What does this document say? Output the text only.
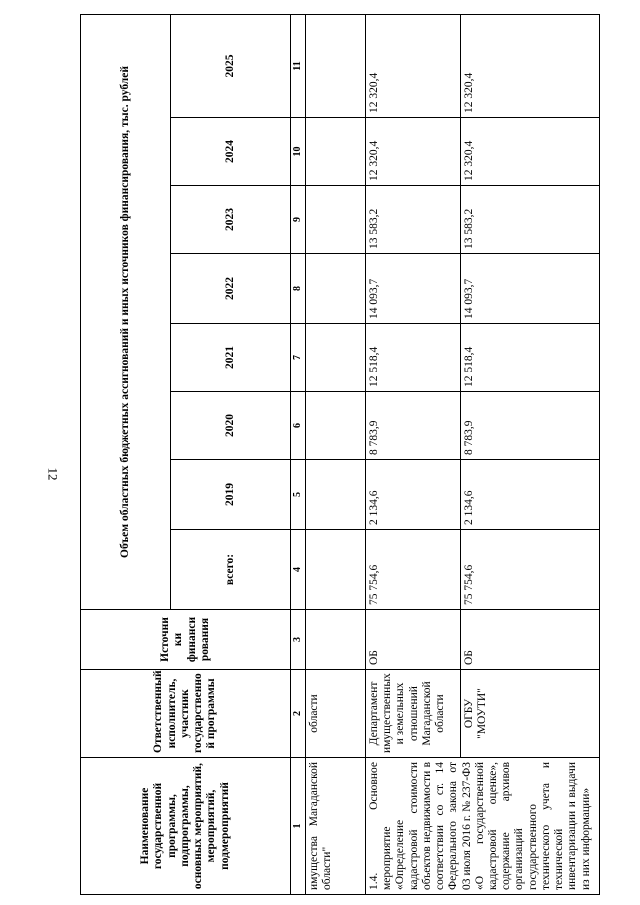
12
Наименование государственной программы, подпрограммы, основных мероприятий, мероприятий, подмероприятий	Ответственный исполнитель, участник государственно й программы	Источни ки финанси рования	Объем областных бюджетных ассигнований и иных источников финансирования, тыс. рублей							
			всего:	2019	2020	2021	2022	2023	2024	2025
1	2	3	4	5	6	7	8	9	10	11
имущества Магаданской области"	области									
1.4. Основное мероприятие «Определение кадастровой стоимости объектов недвижимости в соответствии со ст. 14 Федерального закона от 03 июля 2016 г. № 237-ФЗ «О государственной кадастровой оценке», содержание архивов организаций государственного технического учета и технической инвентаризации и выдачи из них информации»	Департамент имущественных и земельных отношений Магаданской области	ОБ	75 754,6	2 134,6	8 783,9	12 518,4	14 093,7	13 583,2	12 320,4	12 320,4
	ОГБУ "МОУТИ"	ОБ	75 754,6	2 134,6	8 783,9	12 518,4	14 093,7	13 583,2	12 320,4	12 320,4
